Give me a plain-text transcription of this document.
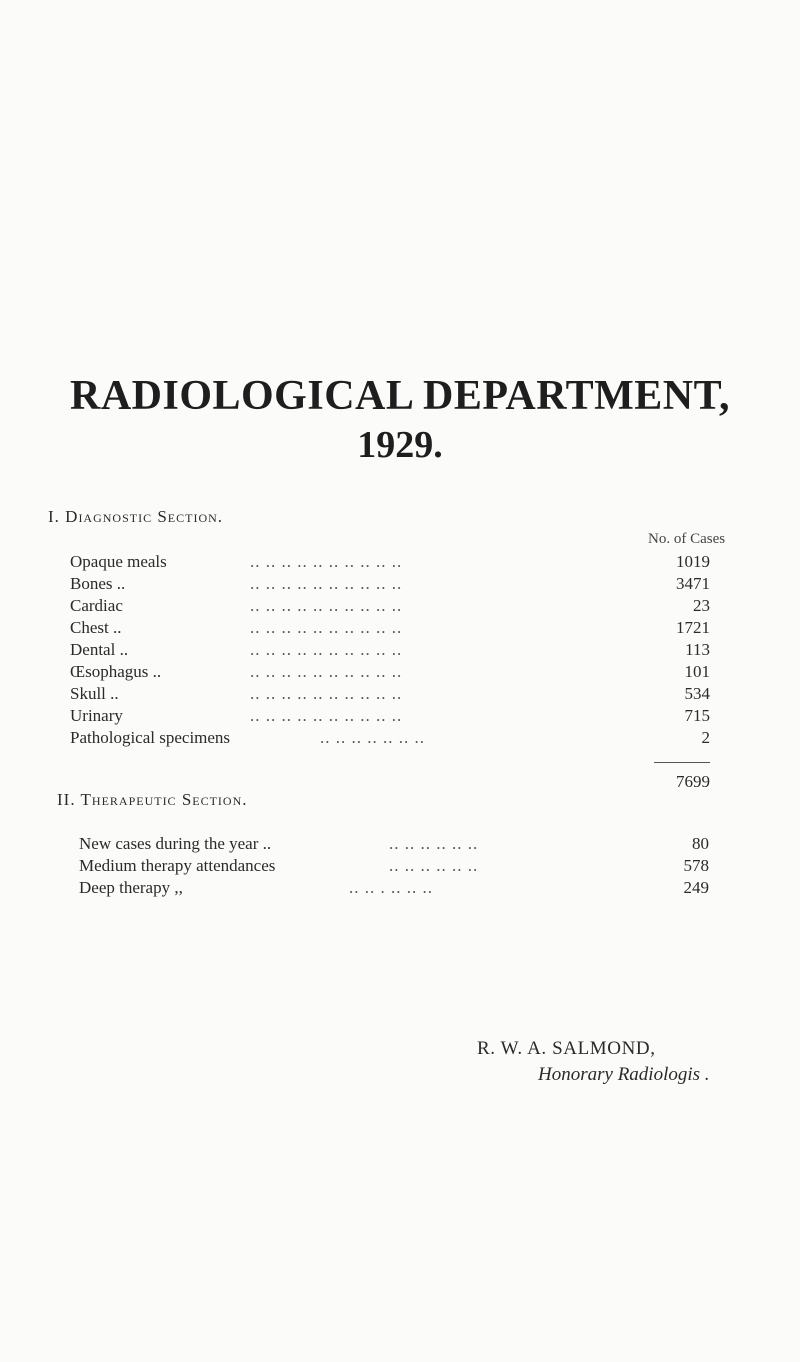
RADIOLOGICAL DEPARTMENT,
1929.
I. Diagnostic Section.
No. of Cases
Opaque meals	.. .. .. .. .. .. .. .. .. ..	1019
Bones ..	.. .. .. .. .. .. .. .. .. ..	3471
Cardiac	.. .. .. .. .. .. .. .. .. ..	23
Chest ..	.. .. .. .. .. .. .. .. .. ..	1721
Dental ..	.. .. .. .. .. .. .. .. .. ..	113
Œsophagus ..	.. .. .. .. .. .. .. .. .. ..	101
Skull ..	.. .. .. .. .. .. .. .. .. ..	534
Urinary	.. .. .. .. .. .. .. .. .. ..	715
Pathological specimens	.. .. .. .. .. .. ..	2
7699
II. Therapeutic Section.
New cases during the year ..	.. .. .. .. .. ..	80
Medium therapy attendances	.. .. .. .. .. ..	578
Deep therapy ,,	.. .. . .. .. ..	249
R. W. A. SALMOND,
Honorary Radiologis .
